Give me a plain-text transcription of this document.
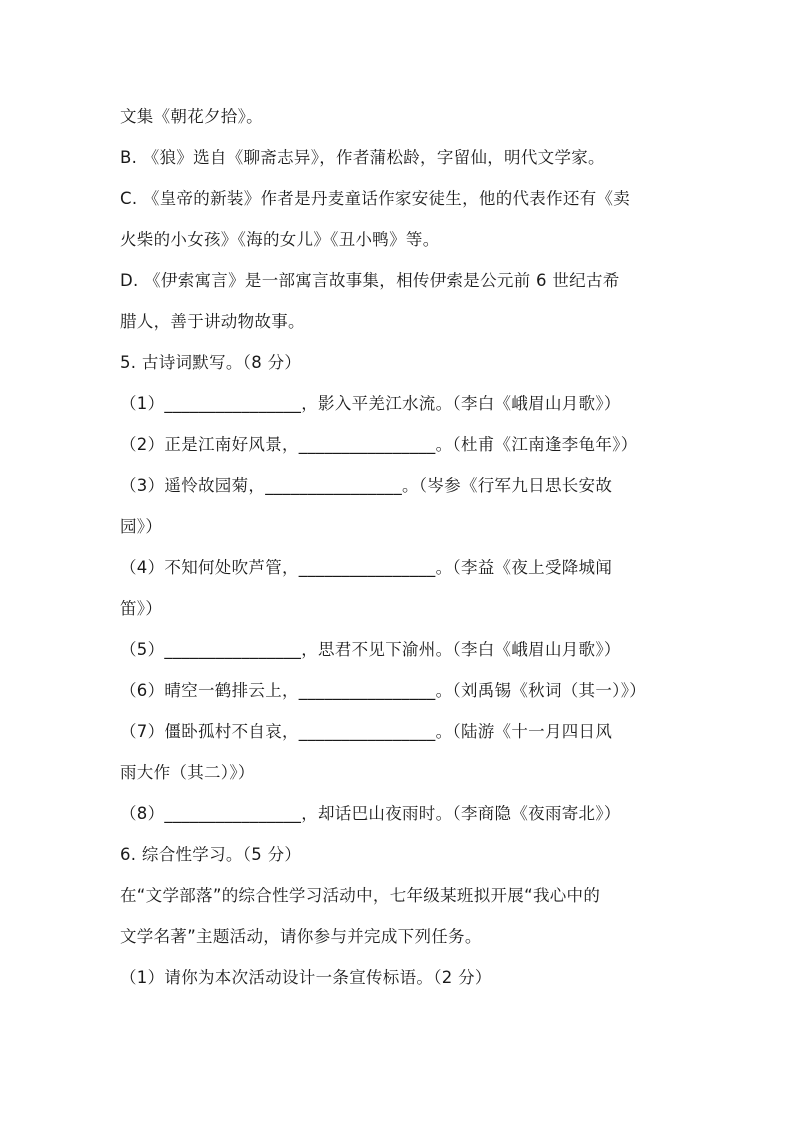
文集《朝花夕拾》。
B. 《狼》选自《聊斋志异》，作者蒲松龄，字留仙，明代文学家。
C. 《皇帝的新装》作者是丹麦童话作家安徒生，他的代表作还有《卖
火柴的小女孩》《海的女儿》《丑小鸭》等。
D. 《伊索寓言》是一部寓言故事集，相传伊索是公元前 6 世纪古希
腊人，善于讲动物故事。
5. 古诗词默写。（8 分）
（1）________________，影入平羌江水流。（李白《峨眉山月歌》）
（2）正是江南好风景，________________。（杜甫《江南逢李龟年》）
（3）遥怜故园菊，________________。（岑参《行军九日思长安故
园》）
（4）不知何处吹芦管，________________。（李益《夜上受降城闻
笛》）
（5）________________，思君不见下渝州。（李白《峨眉山月歌》）
（6）晴空一鹤排云上，________________。（刘禹锡《秋词（其一）》）
（7）僵卧孤村不自哀，________________。（陆游《十一月四日风
雨大作（其二）》）
（8）________________，却话巴山夜雨时。（李商隐《夜雨寄北》）
6. 综合性学习。（5 分）
在“文学部落”的综合性学习活动中，七年级某班拟开展“我心中的
文学名著”主题活动，请你参与并完成下列任务。
（1）请你为本次活动设计一条宣传标语。（2 分）
